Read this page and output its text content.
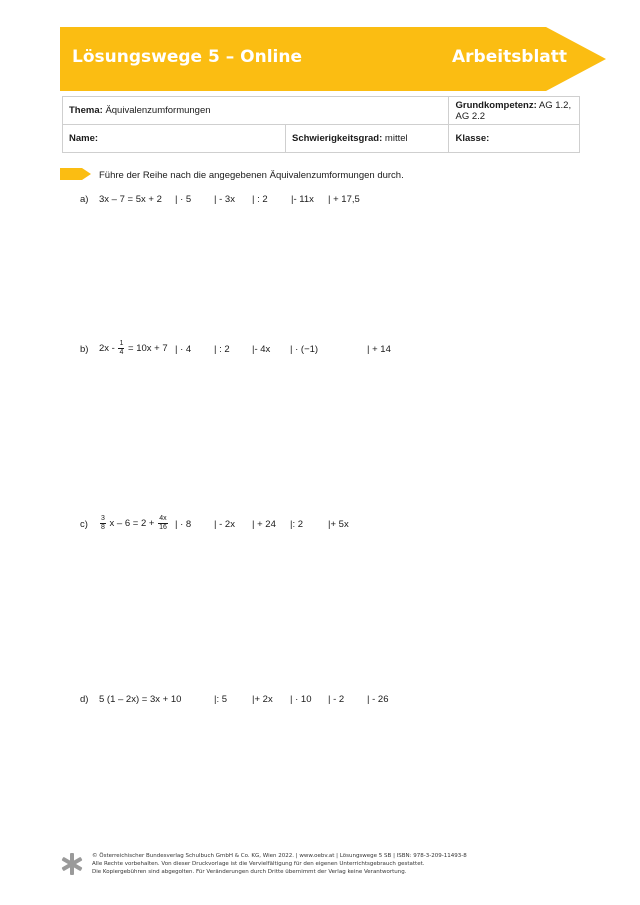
Lösungswege 5 – Online	Arbeitsblatt
Thema: Äquivalenzumformungen		Grundkompetenz: AG 1.2, AG 2.2
Name:	Schwierigkeitsgrad: mittel	Klasse:
Führe der Reihe nach die angegebenen Äquivalenzumformungen durch.
a) 3x – 7 = 5x + 2 | · 5 | - 3x | : 2 |- 11x | + 17,5
b) $2x - \frac{1}{4} = 10x + 7$ | · 4 | : 2 |- 4x | · (−1)	| + 14
$c) \frac{3}{8}$ $x - 6 = 2 + \frac{4x}{16}$ | · 8 | - 2x | + 24 |: 2	|+ 5x
d) 5 (1 – 2x) = 3x + 10	|: 5	|+ 2x | · 10 | - 2 | - 26
© Österreichischer Bundesverlag Schulbuch GmbH & Co. KG, Wien 2022. | www.oebv.at | Lösungswege 5 SB | ISBN: 978-3-209-11493-8
Alle Rechte vorbehalten. Von dieser Druckvorlage ist die Vervielfältigung für den eigenen Unterrichtsgebrauch gestattet.
Die Kopiergebühren sind abgegolten. Für Veränderungen durch Dritte übernimmt der Verlag keine Verantwortung.
